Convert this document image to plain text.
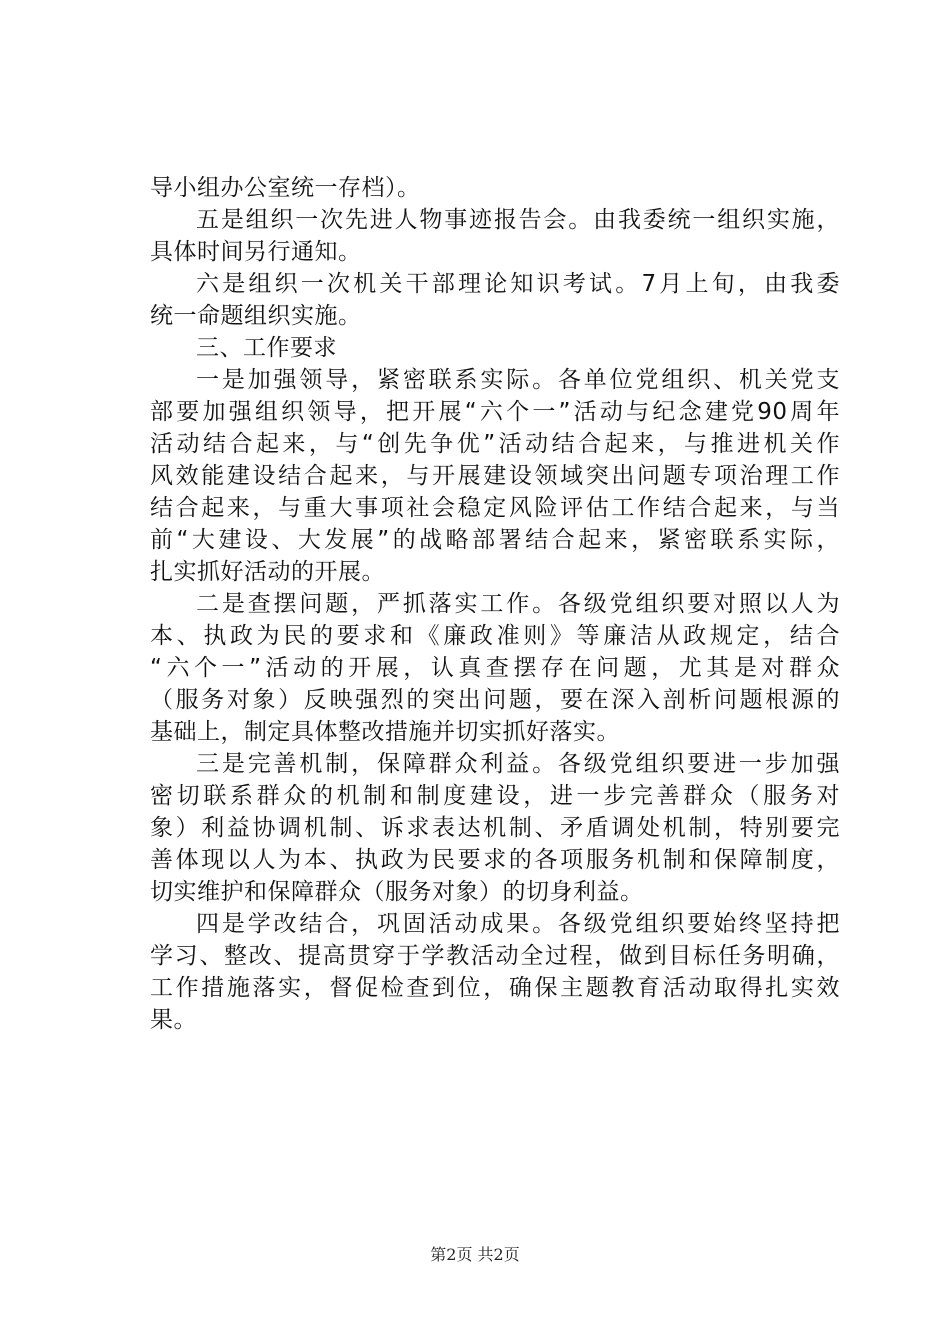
导小组办公室统一存档）。
五是组织一次先进人物事迹报告会。由我委统一组织实施，
具体时间另行通知。
六是组织一次机关干部理论知识考试。7月上旬，由我委
统一命题组织实施。
三、工作要求
一是加强领导，紧密联系实际。各单位党组织、机关党支
部要加强组织领导，把开展“六个一”活动与纪念建党90周年
活动结合起来，与“创先争优”活动结合起来，与推进机关作
风效能建设结合起来，与开展建设领域突出问题专项治理工作
结合起来，与重大事项社会稳定风险评估工作结合起来，与当
前“大建设、大发展”的战略部署结合起来，紧密联系实际，
扎实抓好活动的开展。
二是查摆问题，严抓落实工作。各级党组织要对照以人为
本、执政为民的要求和《廉政准则》等廉洁从政规定，结合
“六个一”活动的开展，认真查摆存在问题，尤其是对群众
（服务对象）反映强烈的突出问题，要在深入剖析问题根源的
基础上，制定具体整改措施并切实抓好落实。
三是完善机制，保障群众利益。各级党组织要进一步加强
密切联系群众的机制和制度建设，进一步完善群众（服务对
象）利益协调机制、诉求表达机制、矛盾调处机制，特别要完
善体现以人为本、执政为民要求的各项服务机制和保障制度，
切实维护和保障群众（服务对象）的切身利益。
四是学改结合，巩固活动成果。各级党组织要始终坚持把
学习、整改、提高贯穿于学教活动全过程，做到目标任务明确，
工作措施落实，督促检查到位，确保主题教育活动取得扎实效
果。
第2页 共2页
